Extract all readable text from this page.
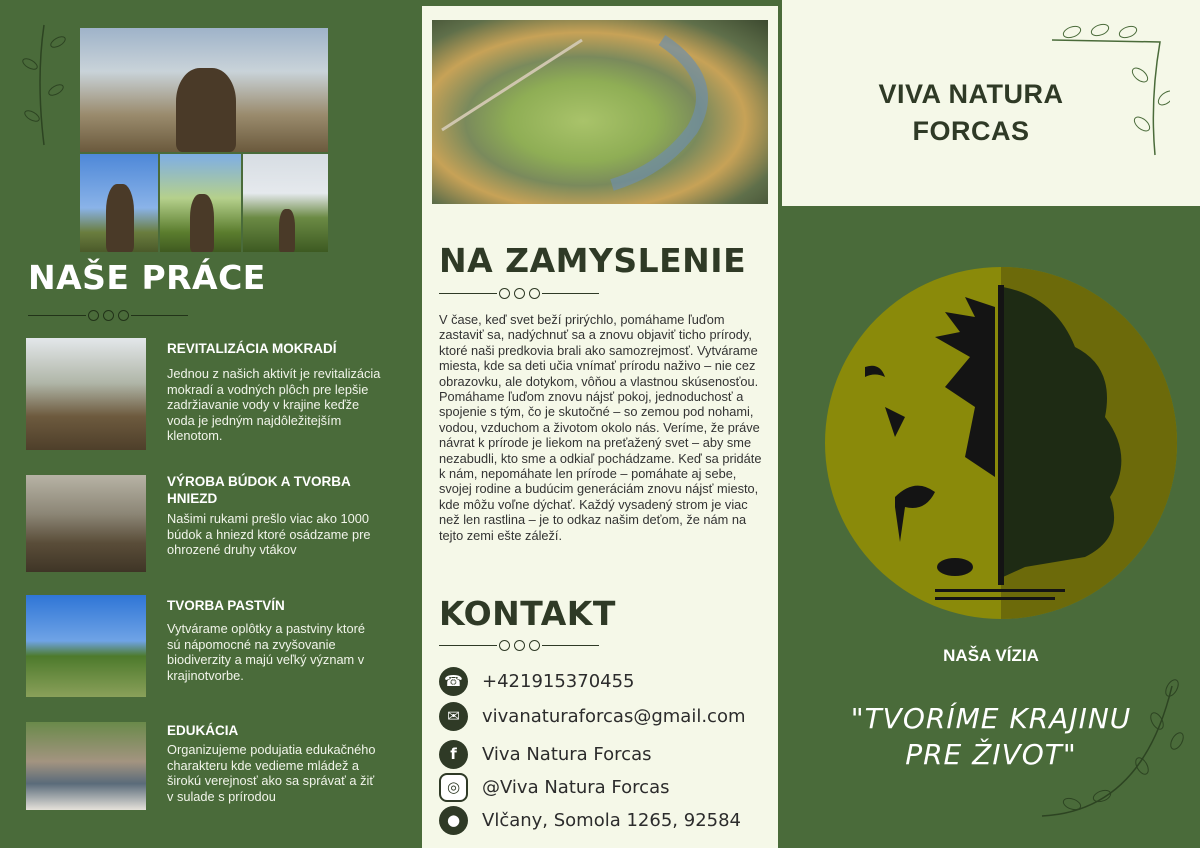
NAŠE PRÁCE
REVITALIZÁCIA MOKRADÍ
Jednou z našich aktivít je revitalizácia mokradí a vodných plôch pre lepšie zadržiavanie vody v krajine keďže voda je jedným najdôležitejším klenotom.
VÝROBA BÚDOK A TVORBA HNIEZD
Našimi rukami prešlo viac ako 1000 búdok a hniezd ktoré osádzame pre ohrozené druhy vtákov
TVORBA PASTVÍN
Vytvárame oplôtky a pastviny ktoré sú nápomocné na zvyšovanie biodiverzity a majú veľký význam v krajinotvorbe.
EDUKÁCIA
Organizujeme podujatia edukačného charakteru kde vedieme mládež a širokú verejnosť ako sa správať a žiť v sulade s prírodou
NA ZAMYSLENIE
V čase, keď svet beží prirýchlo, pomáhame ľuďom zastaviť sa, nadýchnuť sa a znovu objaviť ticho prírody, ktoré naši predkovia brali ako samozrejmosť. Vytvárame miesta, kde sa deti učia vnímať prírodu naživo – nie cez obrazovku, ale dotykom, vôňou a vlastnou skúsenosťou. Pomáhame ľuďom znovu nájsť pokoj, jednoduchosť a spojenie s tým, čo je skutočné – so zemou pod nohami, vodou, vzduchom a životom okolo nás. Veríme, že práve návrat k prírode je liekom na preťažený svet – aby sme nezabudli, kto sme a odkiaľ pochádzame. Keď sa pridáte k nám, nepomáhate len prírode – pomáhate aj sebe, svojej rodine a budúcim generáciám znovu nájsť miesto, kde môžu voľne dýchať. Každý vysadený strom je viac než len rastlina – je to odkaz našim deťom, že nám na tejto zemi ešte záleží.
KONTAKT
☎ +421915370455
✉	vivanaturaforcas@gmail.com
f	Viva Natura Forcas
◎	@Viva Natura Forcas
●	Vlčany, Somola 1265, 92584
VIVA NATURA
FORCAS
NAŠA VÍZIA
"TVORÍME KRAJINU
PRE ŽIVOT"
